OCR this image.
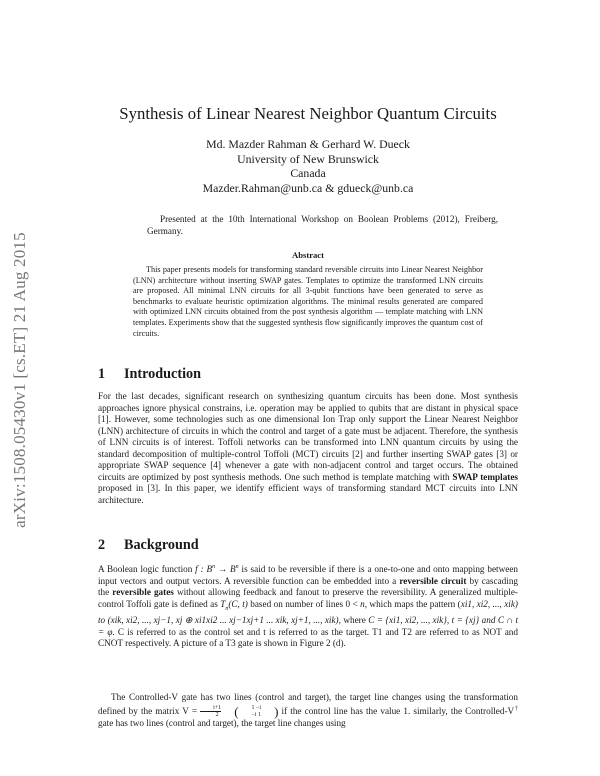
arXiv:1508.05430v1 [cs.ET] 21 Aug 2015
Synthesis of Linear Nearest Neighbor Quantum Circuits
Md. Mazder Rahman & Gerhard W. Dueck
University of New Brunswick
Canada
Mazder.Rahman@unb.ca & gdueck@unb.ca

Presented at the 10th International Workshop on Boolean Problems (2012), Freiberg, Germany.

Abstract

This paper presents models for transforming standard reversible circuits into Linear Nearest Neighbor (LNN) architecture without inserting SWAP gates. Templates to optimize the transformed LNN circuits are proposed. All minimal LNN circuits for all 3-qubit functions have been generated to serve as benchmarks to evaluate heuristic optimization algorithms. The minimal results generated are compared with optimized LNN circuits obtained from the post synthesis algorithm — template matching with LNN templates. Experiments show that the suggested synthesis flow significantly improves the quantum cost of circuits.

1 Introduction

For the last decades, significant research on synthesizing quantum circuits has been done. Most synthesis approaches ignore physical constrains, i.e. operation may be applied to qubits that are distant in physical space [1]. However, some technologies such as one dimensional Ion Trap only support the Linear Nearest Neighbor (LNN) architecture of circuits in which the control and target of a gate must be adjacent. Therefore, the synthesis of LNN circuits is of interest. Toffoli networks can be transformed into LNN quantum circuits by using the standard decomposition of multiple-control Toffoli (MCT) circuits [2] and further inserting SWAP gates [3] or appropriate SWAP sequence [4] whenever a gate with non-adjacent control and target occurs. The obtained circuits are optimized by post synthesis methods. One such method is template matching with SWAP templates proposed in [3]. In this paper, we identify efficient ways of transforming standard MCT circuits into LNN architecture.

2 Background

A Boolean logic function f : $B^n \to B^n$ is said to be reversible if there is a one-to-one and onto mapping between input vectors and output vectors. A reversible function can be embedded into a reversible circuit by cascading the reversible gates without allowing feedback and fanout to preserve the reversibility. A generalized multiple-control Toffoli gate is defined as $T_n(C$, t) based on number of lines 0 < n, which maps the pattern (xi1, xi2, ..., xik) to (xik, xi2, ..., xj−1, xj ⊕ xi1xi2 ... xj−1xj+1 ... xik, xj+1, ..., xik), where C = {xi1, xi2, ..., xik}, t = {xj} and C ∩ t = φ. C is referred to as the control set and t is referred to as the target. T1 and T2 are referred to as NOT and CNOT respectively. A picture of a T3 gate is shown in Figure 2 (d).

The Controlled-V gate has two lines (control and target), the target line changes using the transformation defined by the matrix $V = \frac{i+1}{2}$ (	1 −i
−i 1 ) if the control line has the value 1. similarly, the Controlled-V† gate has two lines (control and target), the target line changes using
